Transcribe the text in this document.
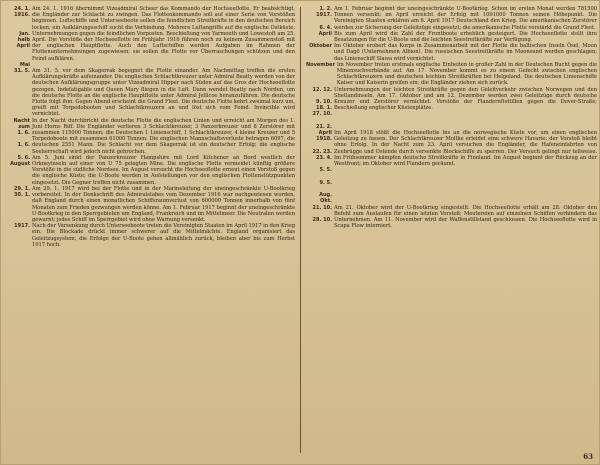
24. 1.
1916.

Jan.
halb
April

Mai
Am 24. 1. 1916 übernimmt Vizeadmiral Scheer das Kommando der Hochseeflotte. Er beabsichtigt, die Engländer zur Schlacht zu zwingen. Das Flottenkommando soll auf einer Serie von Vorstößen beginnen. Luftschiffe und Unterseeboote sollen die feindlichen Streitkräfte in den deutschen Bereich locken; ein Aufklärungsschiff sucht die Verbindung. Mehrere Luftangriffe auf die englische Ostküste. Unternehmungen gegen die feindlichen Vorposten. Beschießung von Yarmouth und Lowestoft am 25. April. Die Vorstöße der Hochseeflotte im Frühjahr 1916 führen noch zu keinem Zusammenstoß mit der englischen Hauptflotte. Auch den Luftschiffen werden Aufgaben im Rahmen der Flottenunternehmungen zugewiesen; sie sollen die Flotte vor Überraschungen schützen und den Feind aufklären.
31. 5. Am 31. 5. vor dem Skagerrak begegnet die Flotte einander. Am Nachmittag treffen die ersten Aufklärungskräfte aufeinander. Die englischen Schlachtkreuzer unter Admiral Beatty werden von der deutschen Aufklärungsgruppe unter Vizeadmiral Hipper nach Süden auf das Gros der Hochseeflotte gezogen. Indefatigable und Queen Mary fliegen in die Luft. Dann wendet Beatty nach Norden, um die deutsche Flotte an die englische Hauptflotte unter Admiral Jellicoe heranzuführen. Die deutsche Flotte folgt ihm. Gegen Abend erscheint die Grand Fleet. Die deutsche Flotte kehrt zweimal kurz um, greift mit Torpedobooten und Schlachtkreuzern an und löst sich vom Feind. Invincible wird vernichtet.
Nacht
zum
1. 6.

1. 6.
In der Nacht durchbricht die deutsche Flotte die englischen Linien und erreicht am Morgen des 1. Juni Horns Riff. Die Engländer verlieren 3 Schlachtkreuzer, 3 Panzerkreuzer und 8 Zerstörer mit zusammen 115000 Tonnen; die Deutschen 1 Linienschiff, 1 Schlachtkreuzer, 4 kleine Kreuzer und 5 Torpedoboote mit zusammen 61000 Tonnen. Die englischen Mannschaftsverluste betragen 6097, die deutschen 2551 Mann. Die Schlacht vor dem Skagerrak ist ein deutscher Erfolg; die englische Seeherrschaft wird jedoch nicht gebrochen.
5. 6.
August
Am 5. Juni sinkt der Panzerkreuzer Hampshire mit Lord Kitchener an Bord westlich der Orkneyinseln auf einer von U 75 gelegten Mine. Die englische Flotte vermeidet künftig größere Vorstöße in die südliche Nordsee. Im August versucht die Hochseeflotte erneut einen Vorstoß gegen die englische Küste; die U-Boote werden in Aufstellungen vor den englischen Flottenstützpunkten eingesetzt. Die Gegner treffen nicht zusammen.
29. 1.
30. 1.
Am 29. 1. 1917 wird bei der Flotte und in der Marineleitung der uneingeschränkte U-Bootkrieg vorbereitet. In der Denkschrift des Admiralstabes vom Dezember 1916 war nachgewiesen worden, daß England durch einen monatlichen Schiffsraumverlust von 600000 Tonnen innerhalb von fünf Monaten zum Frieden gezwungen werden könne. Am 1. Februar 1917 beginnt der uneingeschränkte U-Bootkrieg in den Sperrgebieten um England, Frankreich und im Mittelmeer. Die Neutralen werden gewarnt; jedes Schiff im Sperrgebiet wird ohne Warnung versenkt.
1917. Nach der Versenkung durch Unterseeboote treten die Vereinigten Staaten im April 1917 in den Krieg ein. Die Blockade drückt immer schwerer auf die Mittelmächte. England organisiert das Geleitzugsystem; die Erfolge der U-Boote gehen allmählich zurück, bleiben aber bis zum Herbst 1917 hoch.
1. 2.
1917.

6. 4.
Am 1. Februar beginnt der uneingeschränkte U-Bootkrieg. Schon im ersten Monat werden 781500 Tonnen versenkt; im April erreicht der Erfolg mit 1091000 Tonnen seinen Höhepunkt. Die Vereinigten Staaten erklären am 6. April 1917 Deutschland den Krieg. Die amerikanischen Zerstörer werden zur Sicherung der Geleitzüge eingesetzt; die amerikanische Flotte verstärkt die Grand Fleet.
April Bis zum April wird die Zahl der Frontboote erheblich gesteigert. Die Hochseeflotte stellt ihre Besatzungen für die U-Boote und die leichten Seestreitkräfte zur Verfügung.
Oktober Im Oktober erobert das Korps in Zusammenarbeit mit der Flotte die baltischen Inseln Ösel, Moon und Dagö (Unternehmen Albion). Die russischen Seestreitkräfte im Moonsund werden geschlagen; das Linienschiff Slawa wird vernichtet.
November Im November treten erstmals englische Einheiten in großer Zahl in der Deutschen Bucht gegen die Minensuchverbände auf. Am 17. November kommt es zu einem Gefecht zwischen englischen Schlachtkreuzern und deutschen leichten Streitkräften bei Helgoland. Die deutschen Linienschiffe Kaiser und Kaiserin greifen ein; die Engländer ziehen sich zurück.
12. 12.

9. 10.
18. 1.
27. 10.

21. 2.
Unternehmungen der leichten Streitkräfte gegen den Geleitverkehr zwischen Norwegen und den Shetlandinseln. Am 17. Oktober und am 12. Dezember werden zwei Geleitzüge durch deutsche Kreuzer und Zerstörer vernichtet. Vorstöße der Flandernflottillen gegen die Dover-Straße; Beschießung englischer Küstenplätze.
April
1918.

22. 23.
23. 4.

5. 5.

9. 5.

Aug.
Okt.
Im April 1918 stößt die Hochseeflotte bis an die norwegische Küste vor, um einen englischen Geleitzug zu fassen. Der Schlachtkreuzer Moltke erleidet eine schwere Havarie; der Vorstoß bleibt ohne Erfolg. In der Nacht zum 23. April versuchen die Engländer, die Hafeneinfahrten von Zeebrügge und Ostende durch versenkte Blockschiffe zu sperren. Der Versuch gelingt nur teilweise. Im Frühsommer kämpfen deutsche Streitkräfte in Finnland. Im August beginnt der Rückzug an der Westfront; im Oktober wird Flandern geräumt.
21. 10.

28. 10.
Am 21. Oktober wird der U-Bootkrieg eingestellt. Die Hochseeflotte erhält am 28. Oktober den Befehl zum Auslaufen für einen letzten Vorstoß; Meutereien auf einzelnen Schiffen verhindern das Unternehmen. Am 11. November wird der Waffenstillstand geschlossen. Die Hochseeflotte wird in Scapa Flow interniert.
63
